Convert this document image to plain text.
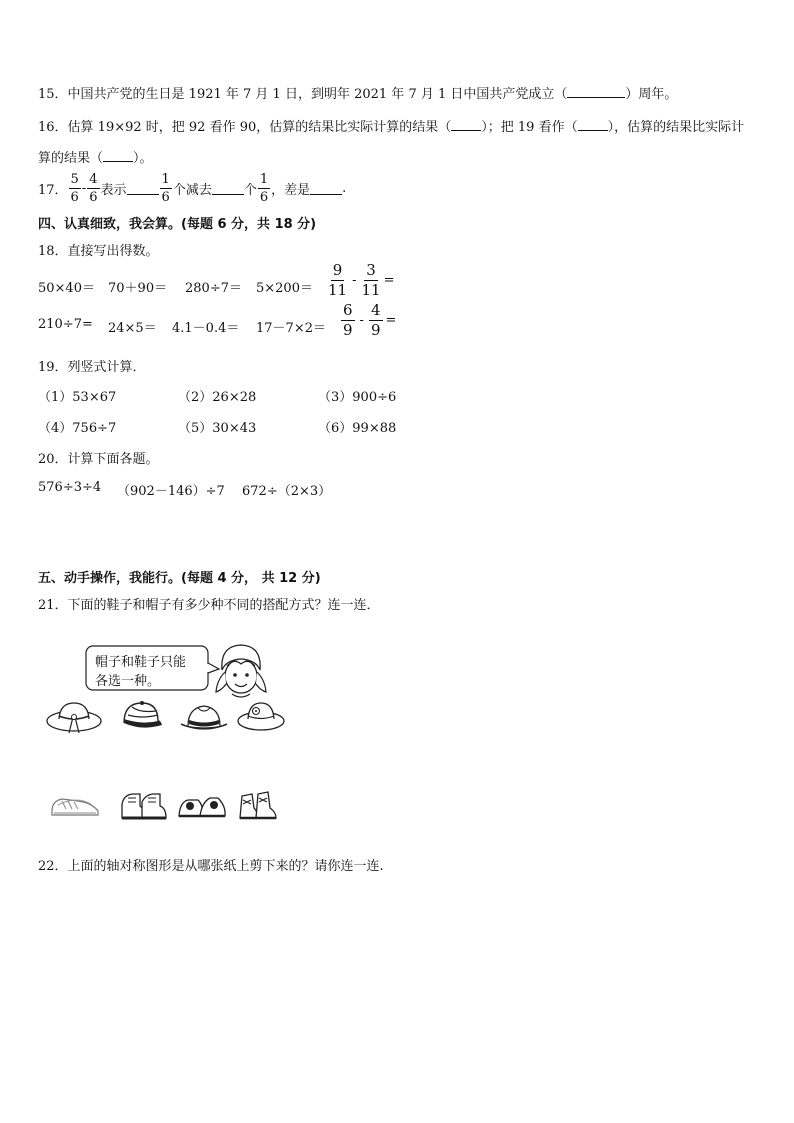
15．中国共产党的生日是 1921 年 7 月 1 日，到明年 2021 年 7 月 1 日中国共产党成立（	）周年。
16．估算 19×92 时，把 92 看作 90，估算的结果比实际计算的结果（ ）；把 19 看作（ ），估算的结果比实际计
算的结果（ ）。
17． $\frac{5}{6} - \frac{4}{6}$ 表示	$\frac{1}{6}$ 个减去 个 $\frac{1}{6}$ ，差是 .
四、认真细致，我会算。(每题 6 分，共 18 分)
18．直接写出得数。
$50\times 40= 70+90= 280\div 7= 5\times 200= \frac{9}{11} - \frac{3}{11}$ =
$210\div 7= 24\times 5= 4.1-0.4= 17-7\times 2= \frac{6}{9} - \frac{4}{9}$ =
19．列竖式计算．
（1）53×67	（2）26×28	（3）900÷6
（4）756÷7	（5）30×43	（6）99×88
20．计算下面各题。
576÷3÷4 （902－146）÷7 672÷（2×3）
五、动手操作，我能行。(每题 4 分， 共 12 分)
21．下面的鞋子和帽子有多少种不同的搭配方式？连一连．
帽子和鞋子只能
各选一种。
22．上面的轴对称图形是从哪张纸上剪下来的？请你连一连.
